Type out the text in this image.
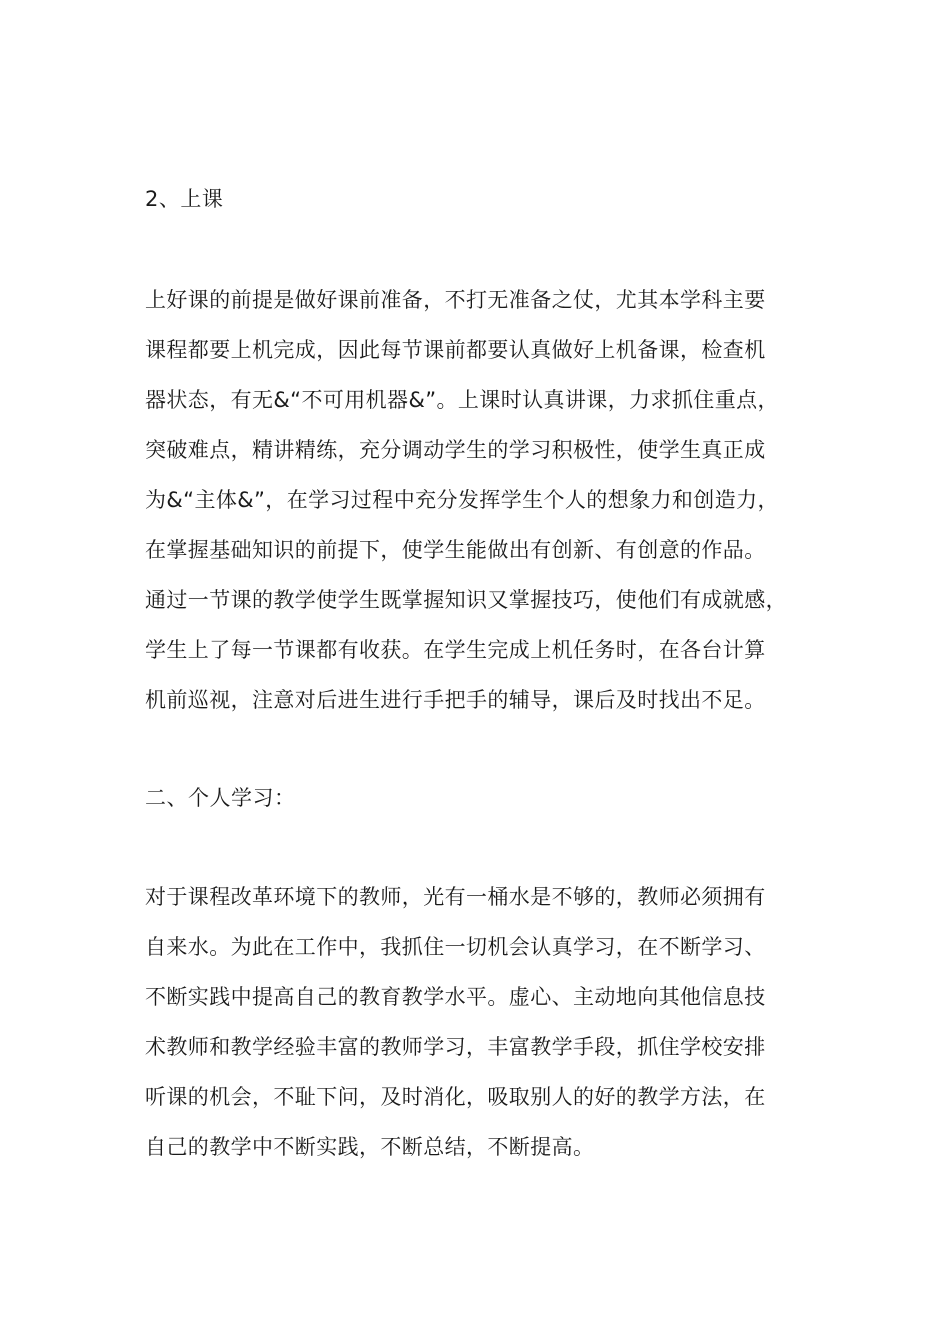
2、上课
上好课的前提是做好课前准备，不打无准备之仗，尤其本学科主要
课程都要上机完成，因此每节课前都要认真做好上机备课，检查机
器状态，有无&“不可用机器&”。上课时认真讲课，力求抓住重点，
突破难点，精讲精练，充分调动学生的学习积极性，使学生真正成
为&“主体&”，在学习过程中充分发挥学生个人的想象力和创造力，
在掌握基础知识的前提下，使学生能做出有创新、有创意的作品。
通过一节课的教学使学生既掌握知识又掌握技巧，使他们有成就感，
学生上了每一节课都有收获。在学生完成上机任务时，在各台计算
机前巡视，注意对后进生进行手把手的辅导，课后及时找出不足。
二、个人学习：
对于课程改革环境下的教师，光有一桶水是不够的，教师必须拥有
自来水。为此在工作中，我抓住一切机会认真学习，在不断学习、
不断实践中提高自己的教育教学水平。虚心、主动地向其他信息技
术教师和教学经验丰富的教师学习，丰富教学手段，抓住学校安排
听课的机会，不耻下问，及时消化，吸取别人的好的教学方法，在
自己的教学中不断实践，不断总结，不断提高。
